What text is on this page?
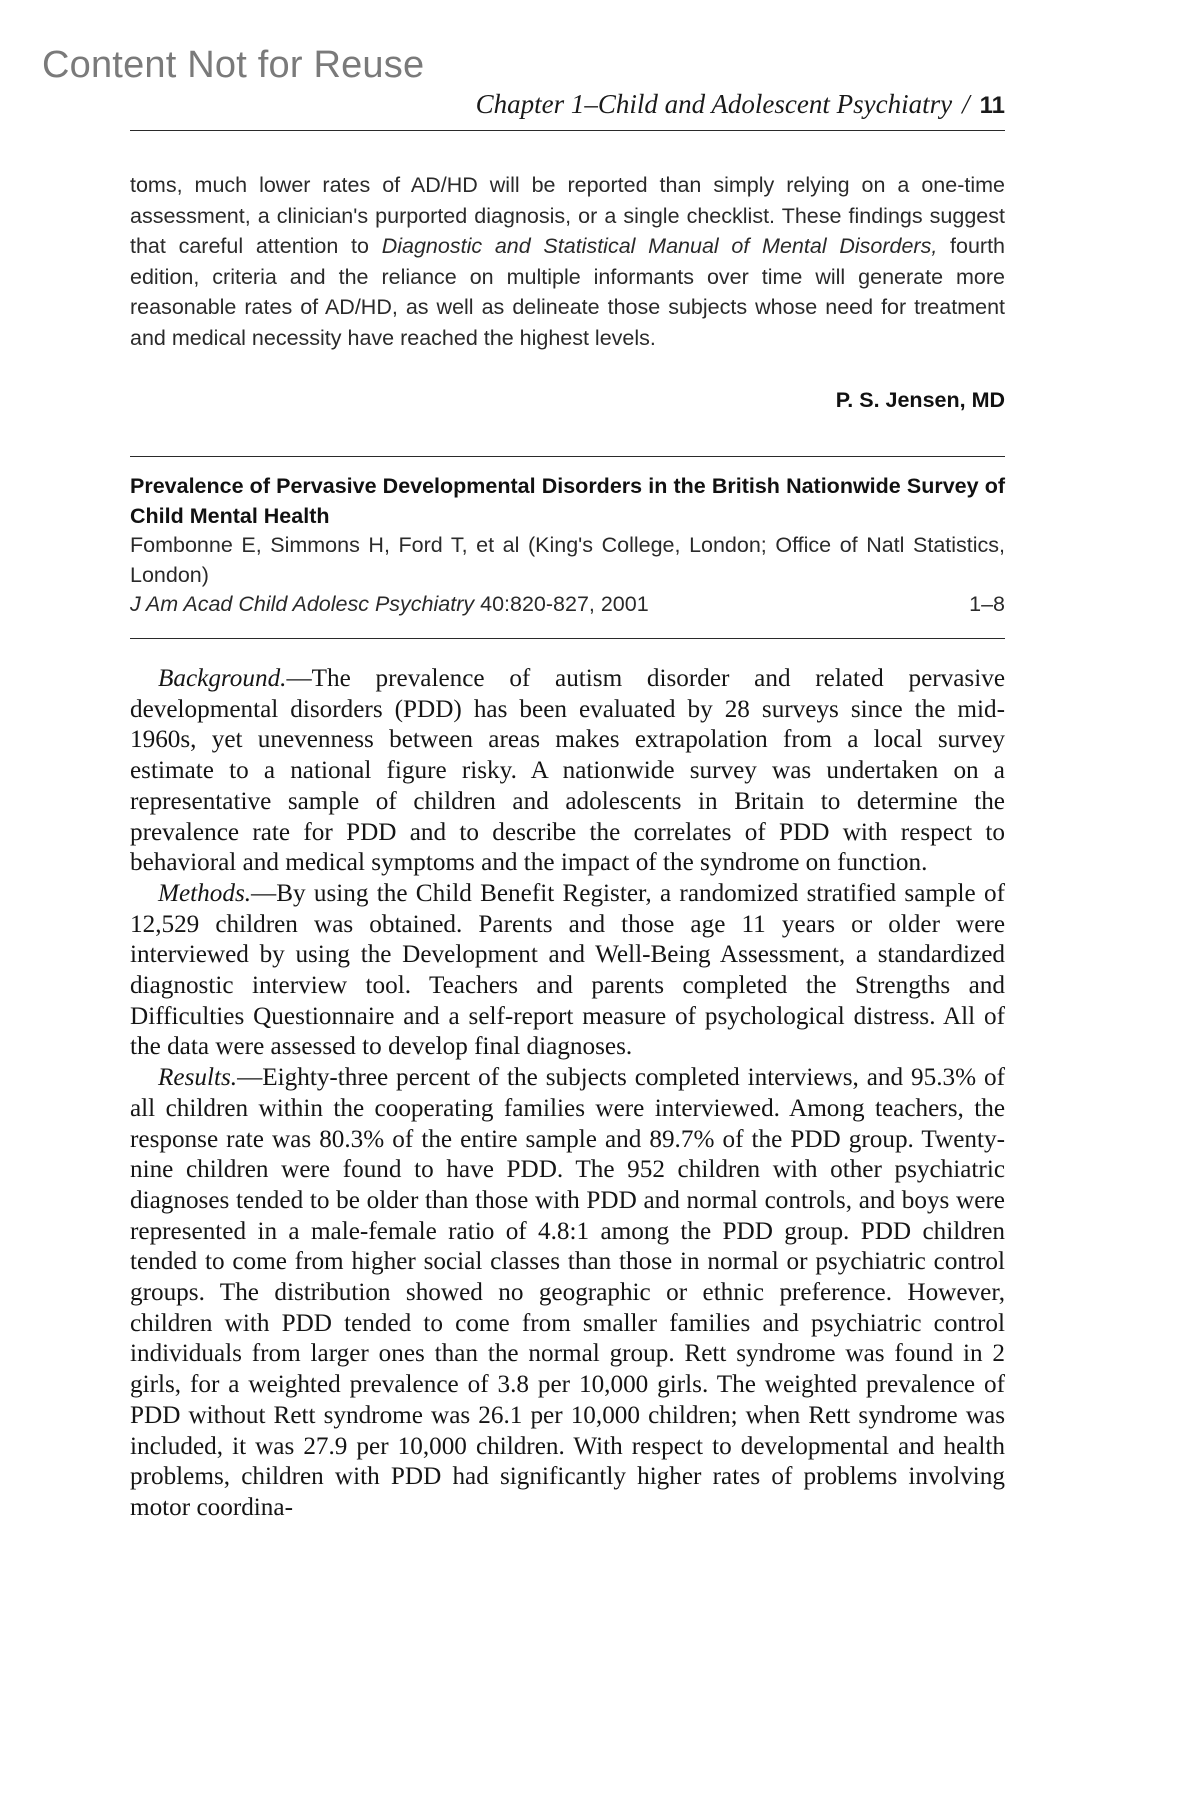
Content Not for Reuse
Chapter 1–Child and Adolescent Psychiatry / 11

toms, much lower rates of AD/HD will be reported than simply relying on a one-time assessment, a clinician's purported diagnosis, or a single checklist. These findings suggest that careful attention to Diagnostic and Statistical Manual of Mental Disorders, fourth edition, criteria and the reliance on multiple informants over time will generate more reasonable rates of AD/HD, as well as delineate those subjects whose need for treatment and medical necessity have reached the highest levels.

P. S. Jensen, MD
Prevalence of Pervasive Developmental Disorders in the British Nationwide Survey of Child Mental Health
Fombonne E, Simmons H, Ford T, et al (King's College, London; Office of Natl Statistics, London)
J Am Acad Child Adolesc Psychiatry 40:820-827, 2001	1–8

Background.—The prevalence of autism disorder and related pervasive developmental disorders (PDD) has been evaluated by 28 surveys since the mid-1960s, yet unevenness between areas makes extrapolation from a local survey estimate to a national figure risky. A nationwide survey was undertaken on a representative sample of children and adolescents in Britain to determine the prevalence rate for PDD and to describe the correlates of PDD with respect to behavioral and medical symptoms and the impact of the syndrome on function.

Methods.—By using the Child Benefit Register, a randomized stratified sample of 12,529 children was obtained. Parents and those age 11 years or older were interviewed by using the Development and Well-Being Assessment, a standardized diagnostic interview tool. Teachers and parents completed the Strengths and Difficulties Questionnaire and a self-report measure of psychological distress. All of the data were assessed to develop final diagnoses.

Results.—Eighty-three percent of the subjects completed interviews, and 95.3% of all children within the cooperating families were interviewed. Among teachers, the response rate was 80.3% of the entire sample and 89.7% of the PDD group. Twenty-nine children were found to have PDD. The 952 children with other psychiatric diagnoses tended to be older than those with PDD and normal controls, and boys were represented in a male-female ratio of 4.8:1 among the PDD group. PDD children tended to come from higher social classes than those in normal or psychiatric control groups. The distribution showed no geographic or ethnic preference. However, children with PDD tended to come from smaller families and psychiatric control individuals from larger ones than the normal group. Rett syndrome was found in 2 girls, for a weighted prevalence of 3.8 per 10,000 girls. The weighted prevalence of PDD without Rett syndrome was 26.1 per 10,000 children; when Rett syndrome was included, it was 27.9 per 10,000 children. With respect to developmental and health problems, children with PDD had significantly higher rates of problems involving motor coordina-
